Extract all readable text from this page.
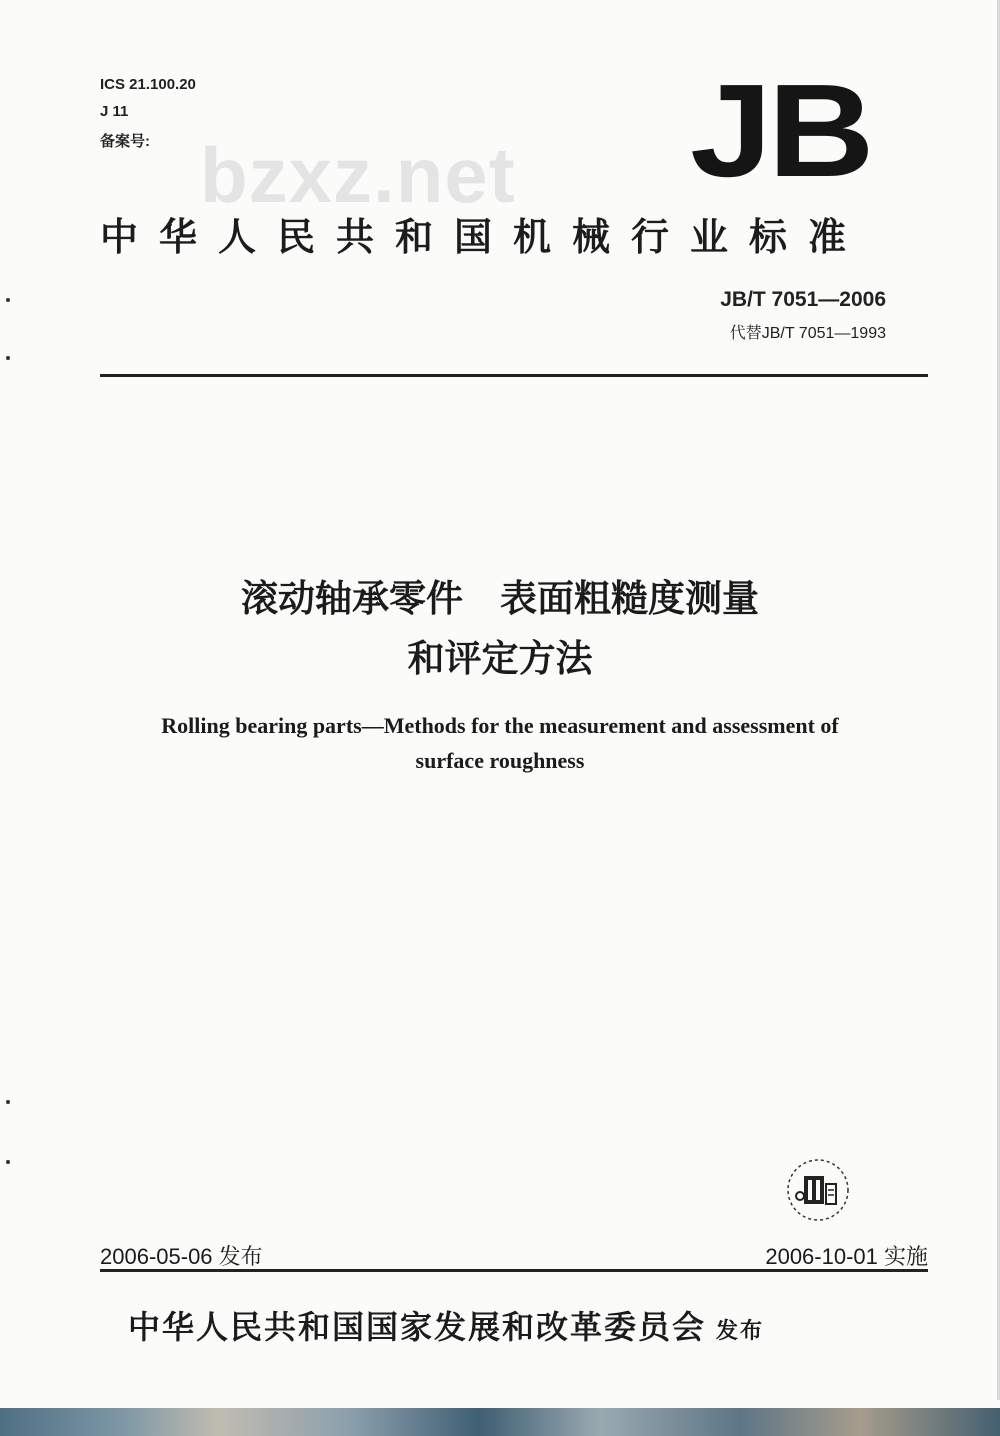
ICS 21.100.20
J 11
备案号: bzxz.net JB
中华人民共和国机械行业标准
JB/T 7051—2006
代替JB/T 7051—1993
滚动轴承零件　表面粗糙度测量
和评定方法
Rolling bearing parts—Methods for the measurement and assessment of
surface roughness
2006-05-06 发布	2006-10-01 实施
中华人民共和国国家发展和改革委员会 发布
